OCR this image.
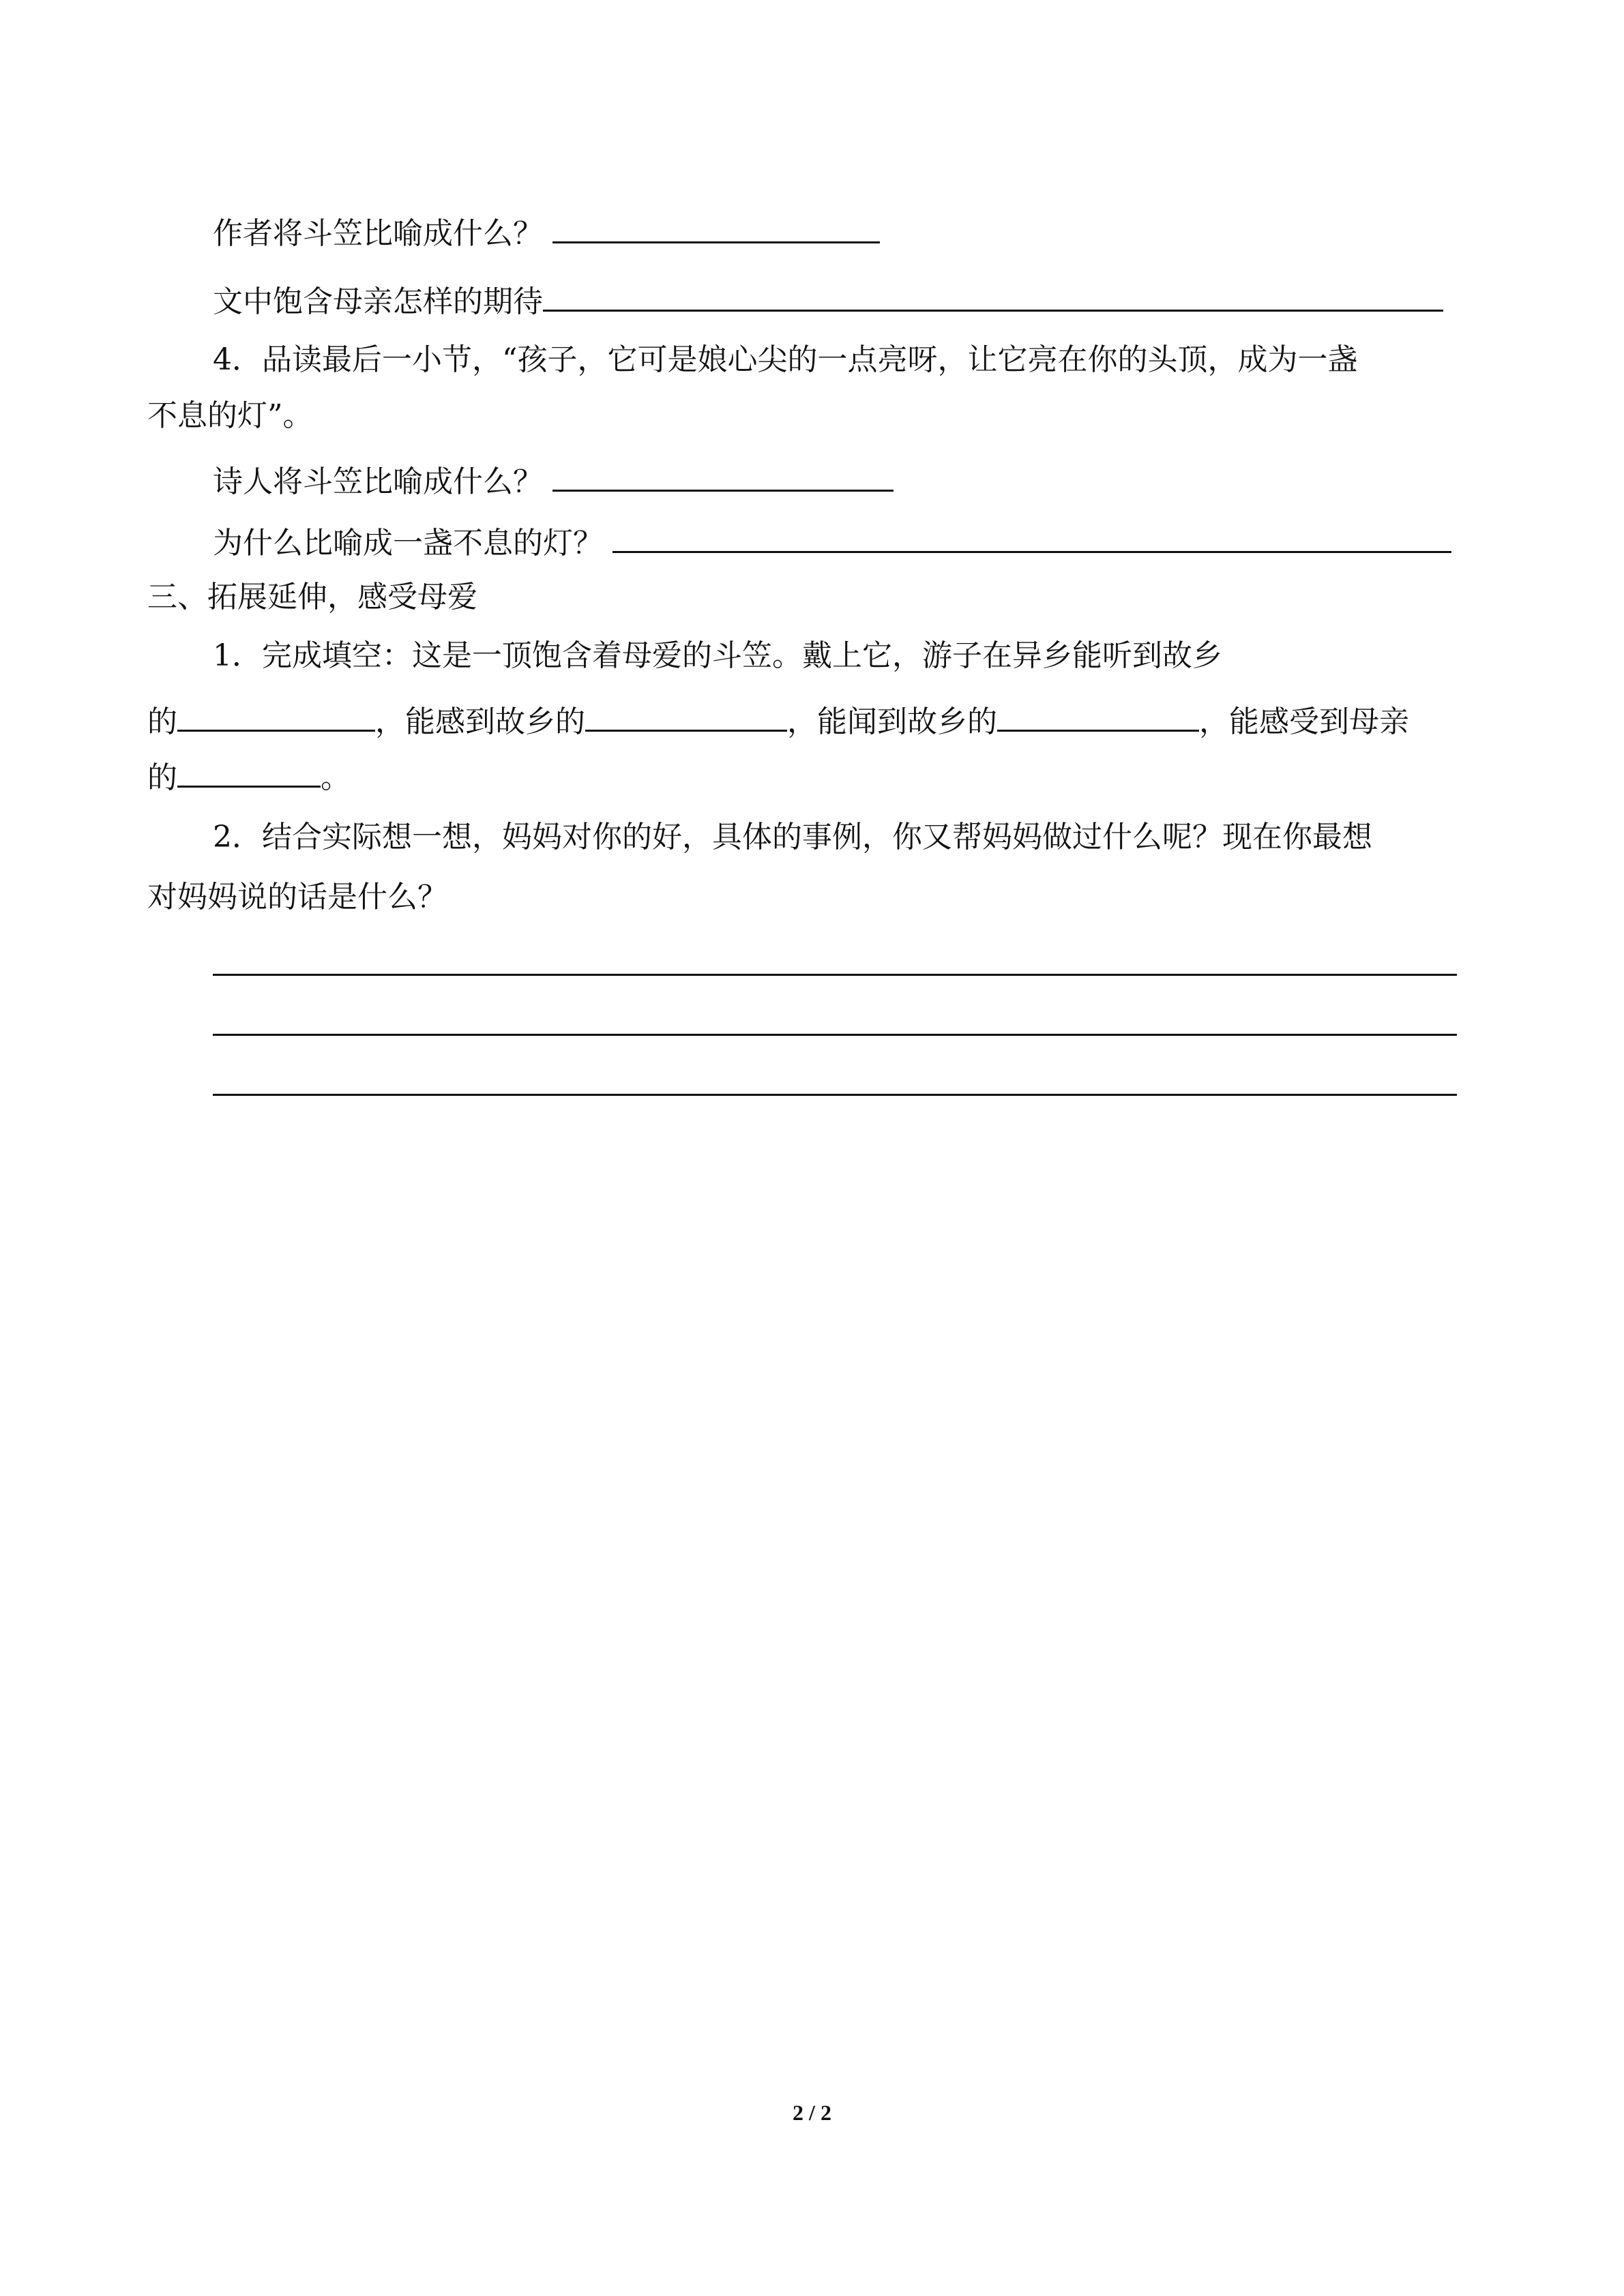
作者将斗笠比喻成什么？
文中饱含母亲怎样的期待
4．品读最后一小节，“孩子，它可是娘心尖的一点亮呀，让它亮在你的头顶，成为一盏
不息的灯”。
诗人将斗笠比喻成什么？
为什么比喻成一盏不息的灯？
三、拓展延伸，感受母爱
1．完成填空：这是一顶饱含着母爱的斗笠。戴上它，游子在异乡能听到故乡
的	，能感到故乡的	，能闻到故乡的	，能感受到母亲
的	。
2．结合实际想一想，妈妈对你的好，具体的事例，你又帮妈妈做过什么呢？现在你最想
对妈妈说的话是什么？
2 / 2
